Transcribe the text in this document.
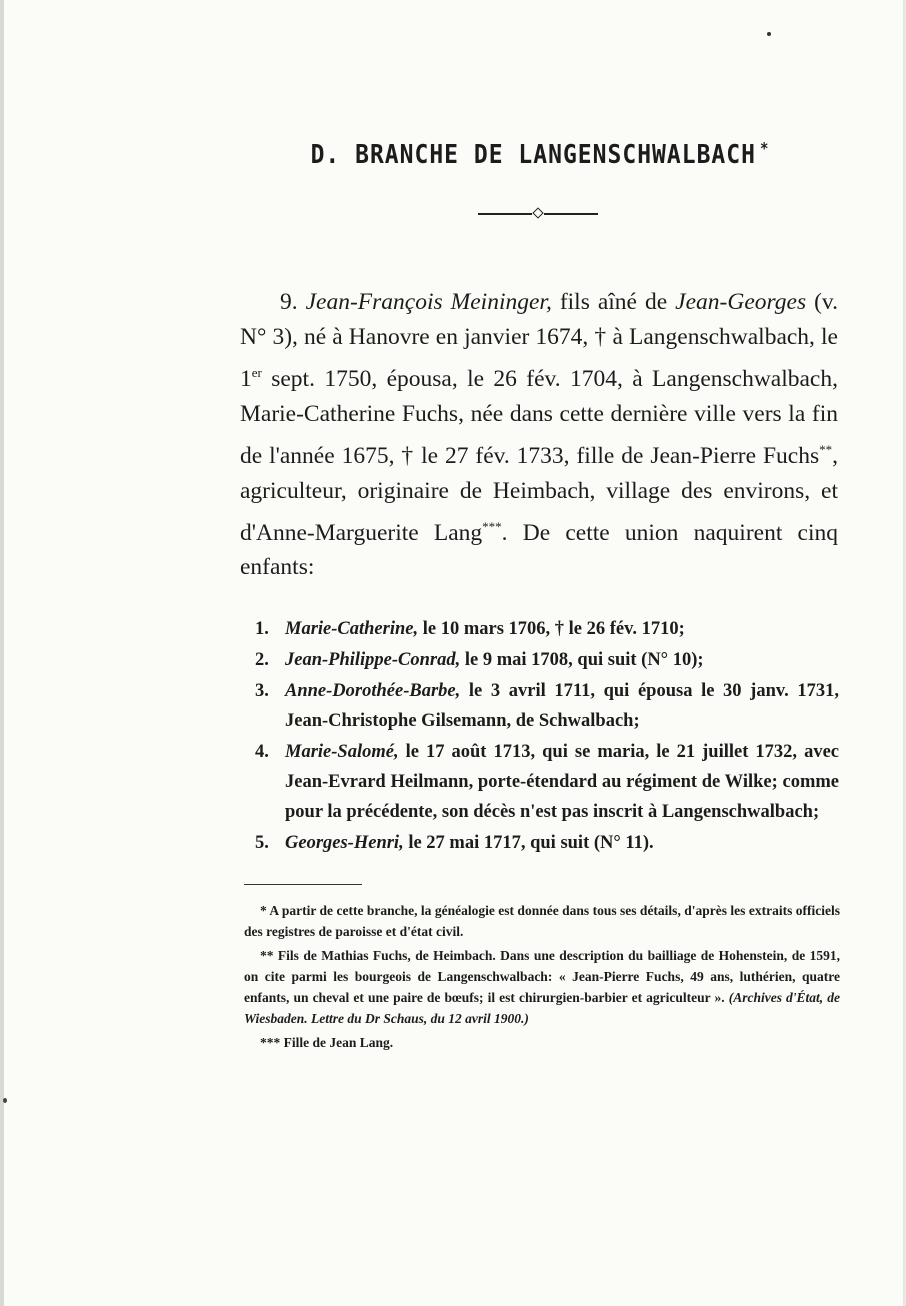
D. BRANCHE DE LANGENSCHWALBACH *

9. Jean-François Meininger, fils aîné de Jean-Georges (v. N° 3), né à Hanovre en janvier 1674, † à Langenschwalbach, le 1er sept. 1750, épousa, le 26 fév. 1704, à Langenschwalbach, Marie-Catherine Fuchs, née dans cette dernière ville vers la fin de l'année 1675, † le 27 fév. 1733, fille de Jean-Pierre Fuchs**, agriculteur, originaire de Heimbach, village des environs, et d'Anne-Marguerite Lang***. De cette union naquirent cinq enfants:

1. Marie-Catherine, le 10 mars 1706, † le 26 fév. 1710;
2. Jean-Philippe-Conrad, le 9 mai 1708, qui suit (N° 10);
3. Anne-Dorothée-Barbe, le 3 avril 1711, qui épousa le 30 janv. 1731, Jean-Christophe Gilsemann, de Schwalbach;
4. Marie-Salomé, le 17 août 1713, qui se maria, le 21 juillet 1732, avec Jean-Evrard Heilmann, porte-étendard au régiment de Wilke; comme pour la précédente, son décès n'est pas inscrit à Langenschwalbach;
5. Georges-Henri, le 27 mai 1717, qui suit (N° 11).

* A partir de cette branche, la généalogie est donnée dans tous ses détails, d'après les extraits officiels des registres de paroisse et d'état civil.

** Fils de Mathias Fuchs, de Heimbach. Dans une description du bailliage de Hohenstein, de 1591, on cite parmi les bourgeois de Langenschwalbach: « Jean-Pierre Fuchs, 49 ans, luthérien, quatre enfants, un cheval et une paire de bœufs; il est chirurgien-barbier et agriculteur ». (Archives d'État, de Wiesbaden. Lettre du Dr Schaus, du 12 avril 1900.)

*** Fille de Jean Lang.
